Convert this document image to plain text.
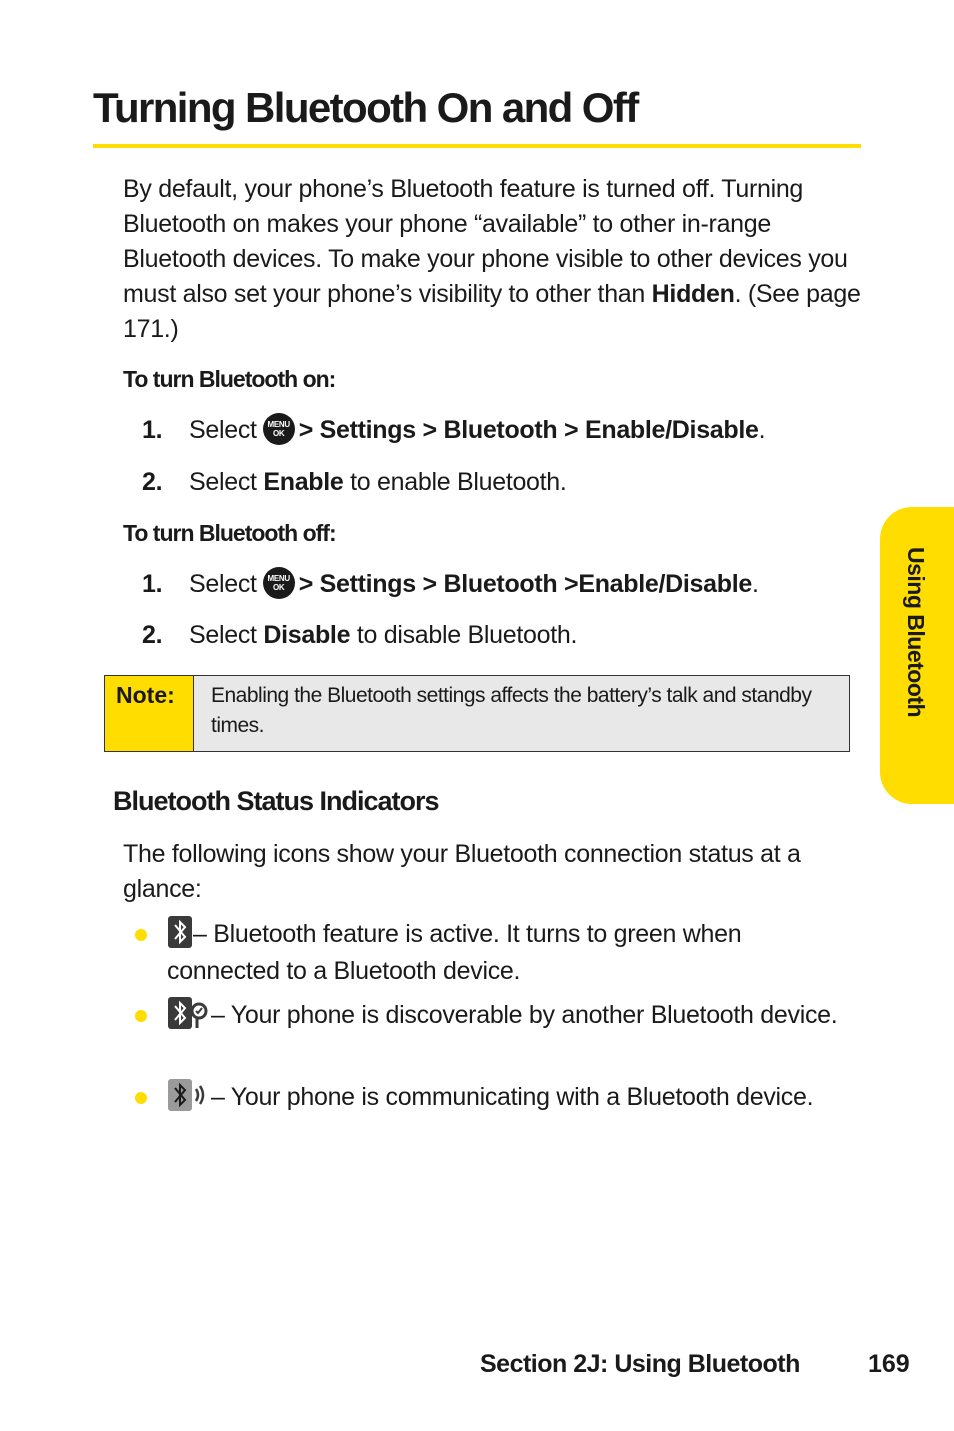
Turning Bluetooth On and Off

By default, your phone’s Bluetooth feature is turned off. Turning Bluetooth on makes your phone “available” to other in-range Bluetooth devices. To make your phone visible to other devices you must also set your phone’s visibility to other than Hidden. (See page 171.)

To turn Bluetooth on:
1. Select	MENU
OK > Settings > Bluetooth > Enable/Disable.
2. Select Enable to enable Bluetooth.
To turn Bluetooth off:
1. Select	MENU
OK > Settings > Bluetooth >Enable/Disable.
2. Select Disable to disable Bluetooth.
Note:	Enabling the Bluetooth settings affects the battery’s talk and standby times.
Bluetooth Status Indicators

The following icons show your Bluetooth connection status at a glance:

– Bluetooth feature is active. It turns to green when connected to a Bluetooth device.
– Your phone is discoverable by another Bluetooth device.
– Your phone is communicating with a Bluetooth device.
Using Bluetooth
Section 2J: Using Bluetooth	169
